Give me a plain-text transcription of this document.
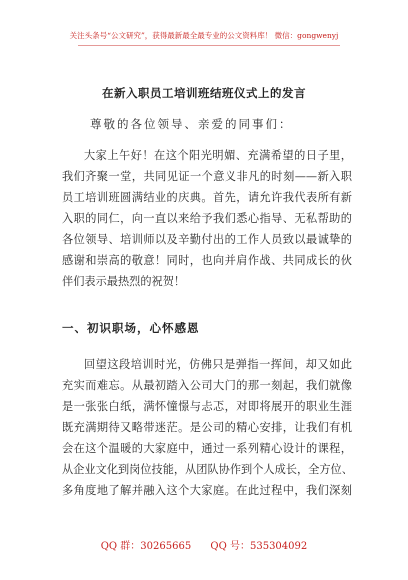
关注头条号“公文研究”，获得最新最全最专业的公文资料库！ 微信：gongwenyj
在新入职员工培训班结班仪式上的发言
尊敬的各位领导、亲爱的同事们：
大家上午好！在这个阳光明媚、充满希望的日子里，
我们齐聚一堂，共同见证一个意义非凡的时刻——新入职
员工培训班圆满结业的庆典。首先，请允许我代表所有新
入职的同仁，向一直以来给予我们悉心指导、无私帮助的
各位领导、培训师以及辛勤付出的工作人员致以最诚挚的
感谢和崇高的敬意！同时，也向并肩作战、共同成长的伙
伴们表示最热烈的祝贺！
一、初识职场，心怀感恩
回望这段培训时光，仿佛只是弹指一挥间，却又如此
充实而难忘。从最初踏入公司大门的那一刻起，我们就像
是一张张白纸，满怀憧憬与忐忑，对即将展开的职业生涯
既充满期待又略带迷茫。是公司的精心安排，让我们有机
会在这个温暖的大家庭中，通过一系列精心设计的课程，
从企业文化到岗位技能，从团队协作到个人成长，全方位、
多角度地了解并融入这个大家庭。在此过程中，我们深刻
QQ 群：30265665 QQ 号：535304092
